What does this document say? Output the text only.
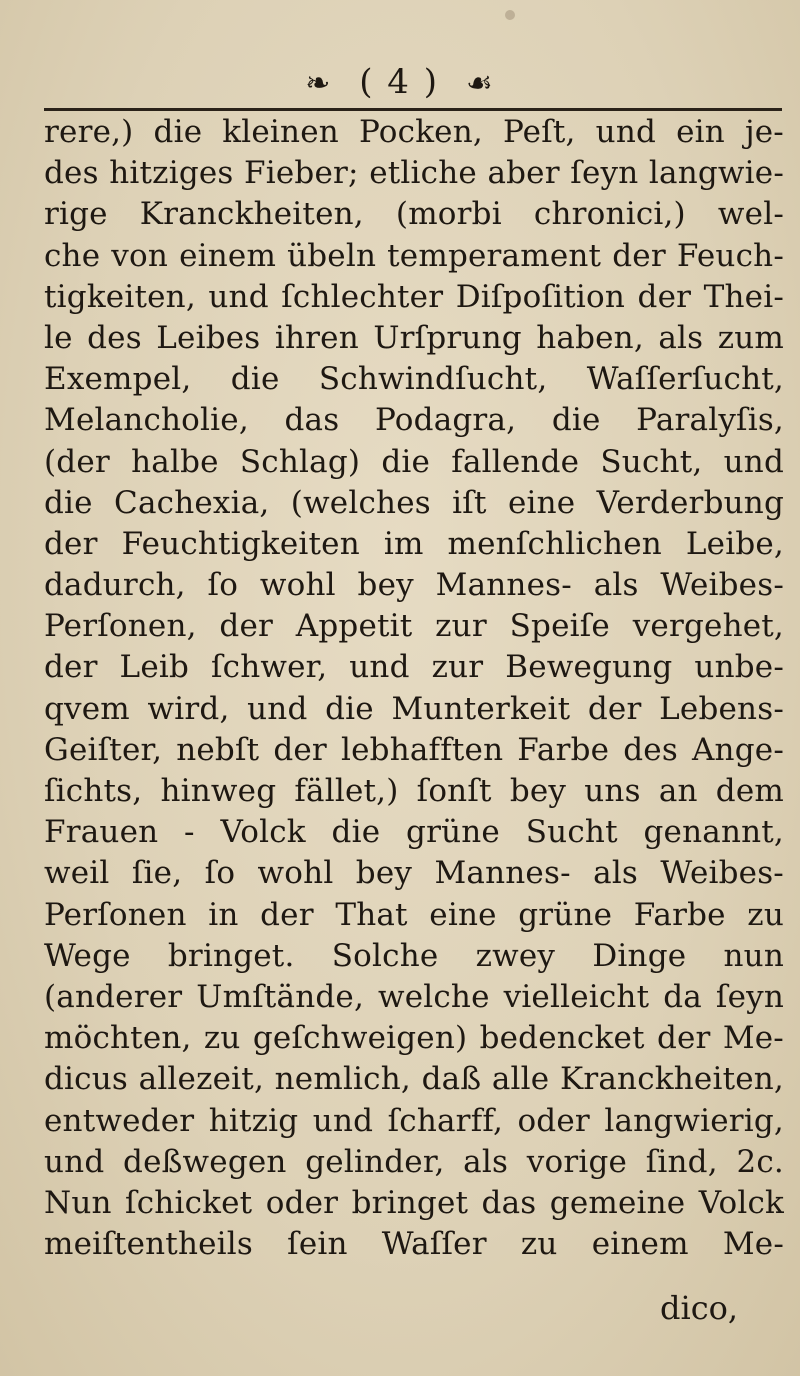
❧ ( 4 ) ☙
rere,) die kleinen Pocken, Peſt, und ein je-
des hitziges Fieber; etliche aber ſeyn langwie-
rige Kranckheiten, (morbi chronici,) wel-
che von einem übeln temperament der Feuch-
tigkeiten, und ſchlechter Diſpoſition der Thei-
le des Leibes ihren Urſprung haben, als zum
Exempel, die Schwindſucht, Waſſerſucht,
Melancholie, das Podagra, die Paralyſis,
(der halbe Schlag) die fallende Sucht, und
die Cachexia, (welches iſt eine Verderbung
der Feuchtigkeiten im menſchlichen Leibe,
dadurch, ſo wohl bey Mannes- als Weibes-
Perſonen, der Appetit zur Speiſe vergehet,
der Leib ſchwer, und zur Bewegung unbe-
qvem wird, und die Munterkeit der Lebens-
Geiſter, nebſt der lebhafften Farbe des Ange-
ſichts, hinweg fället,) ſonſt bey uns an dem
Frauen - Volck die grüne Sucht genannt,
weil ſie, ſo wohl bey Mannes- als Weibes-
Perſonen in der That eine grüne Farbe zu
Wege bringet. Solche zwey Dinge nun
(anderer Umſtände, welche vielleicht da ſeyn
möchten, zu geſchweigen) bedencket der Me-
dicus allezeit, nemlich, daß alle Kranckheiten,
entweder hitzig und ſcharff, oder langwierig,
und deßwegen gelinder, als vorige ſind, 2c.
Nun ſchicket oder bringet das gemeine Volck
meiſtentheils ſein Waſſer zu einem Me-
dico,
